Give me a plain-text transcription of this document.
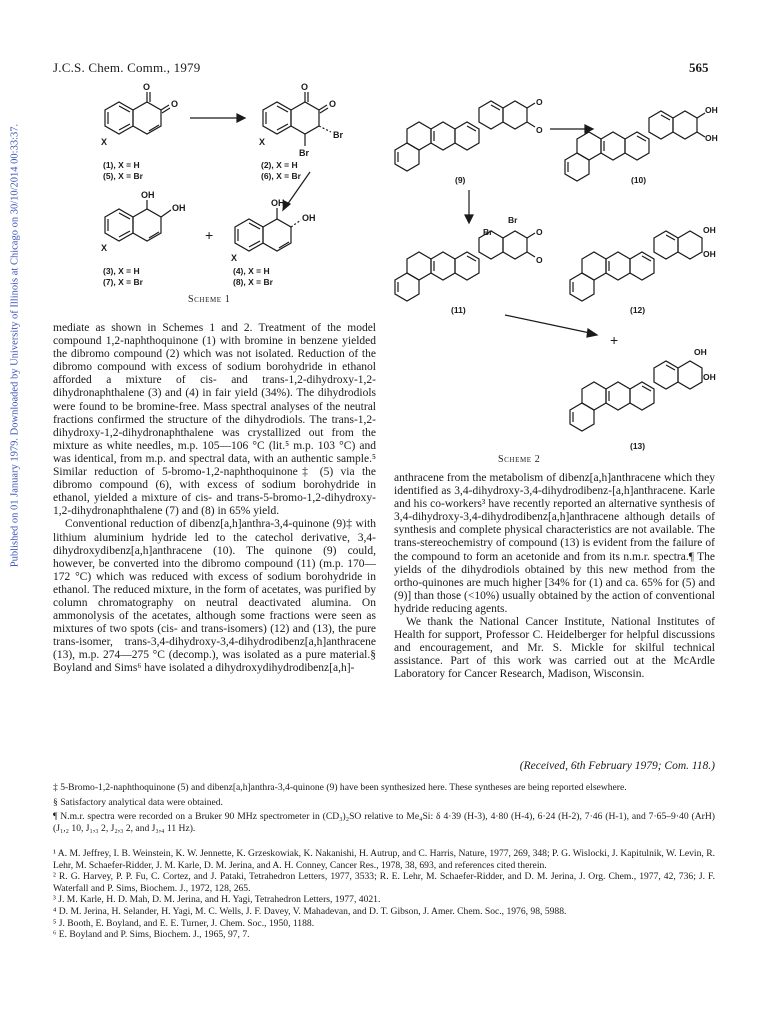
J.C.S. Chem. Comm., 1979	565
Published on 01 January 1979. Downloaded by University of Illinois at Chicago on 30/10/2014 00:33:37.
O
O
X
O
O
X
Br
Br
OH
OH
X
OH
OH
X
+
(1), X = H
(5), X = Br
(2), X = H
(6), X = Br
(3), X = H
(7), X = Br
(4), X = H
(8), X = Br
Scheme 1
O
O
OH
OH
Br
Br	O
O
OH
OH
OH
OH
+
(9)	(10)
(11)	(12)
(13)
Scheme 2

mediate as shown in Schemes 1 and 2. Treatment of the model compound 1,2-naphthoquinone (1) with bromine in benzene yielded the dibromo compound (2) which was not isolated. Reduction of the dibromo compound with excess of sodium borohydride in ethanol afforded a mixture of cis- and trans-1,2-dihydroxy-1,2-dihydronaphthalene (3) and (4) in fair yield (34%). The dihydrodiols were found to be bromine-free. Mass spectral analyses of the neutral fractions confirmed the structure of the dihydrodiols. The trans-1,2-dihydroxy-1,2-dihydronaphthalene was crystallized out from the mixture as white needles, m.p. 105—106 °C (lit.⁵ m.p. 103 °C) and was identical, from m.p. and spectral data, with an authentic sample.⁵ Similar reduction of 5-bromo-1,2-naphthoquinone‡ (5) via the dibromo compound (6), with excess of sodium borohydride in ethanol, yielded a mixture of cis- and trans-5-bromo-1,2-dihydroxy-1,2-dihydronaphthalene (7) and (8) in 65% yield.

Conventional reduction of dibenz[a,h]anthra-3,4-quinone (9)‡ with lithium aluminium hydride led to the catechol derivative, 3,4-dihydroxydibenz[a,h]anthracene (10). The quinone (9) could, however, be converted into the dibromo compound (11) (m.p. 170—172 °C) which was reduced with excess of sodium borohydride in ethanol. The reduced mixture, in the form of acetates, was purified by column chromatography on neutral deactivated alumina. On ammonolysis of the acetates, although some fractions were seen as mixtures of two spots (cis- and trans-isomers) (12) and (13), the pure trans-isomer, trans-3,4-dihydroxy-3,4-dihydrodibenz[a,h]anthracene (13), m.p. 274—275 °C (decomp.), was isolated as a pure material.§ Boyland and Sims⁶ have isolated a dihydroxydihydrodibenz[a,h]-

anthracene from the metabolism of dibenz[a,h]anthracene which they identified as 3,4-dihydroxy-3,4-dihydrodibenz-[a,h]anthracene. Karle and his co-workers³ have recently reported an alternative synthesis of 3,4-dihydroxy-3,4-dihydrodibenz[a,h]anthracene although details of synthesis and complete physical characteristics are not available. The trans-stereochemistry of compound (13) is evident from the failure of the compound to form an acetonide and from its n.m.r. spectra.¶ The yields of the dihydrodiols obtained by this new method from the ortho-quinones are much higher [34% for (1) and ca. 65% for (5) and (9)] than those (<10%) usually obtained by the action of conventional hydride reducing agents.

We thank the National Cancer Institute, National Institutes of Health for support, Professor C. Heidelberger for helpful discussions and encouragement, and Mr. S. Mickle for skilful technical assistance. Part of this work was carried out at the McArdle Laboratory for Cancer Research, Madison, Wisconsin.

(Received, 6th February 1979; Com. 118.)

‡ 5-Bromo-1,2-naphthoquinone (5) and dibenz[a,h]anthra-3,4-quinone (9) have been synthesized here. These syntheses are being reported elsewhere.

§ Satisfactory analytical data were obtained.

¶ N.m.r. spectra were recorded on a Bruker 90 MHz spectrometer in (CD₃)₂SO relative to Me₄Si: δ 4·39 (H-3), 4·80 (H-4), 6·24 (H-2), 7·46 (H-1), and 7·65–9·40 (ArH) (J₁,₂ 10, J₁,₃ 2, J₂,₃ 2, and J₃,₄ 11 Hz).

¹ A. M. Jeffrey, I. B. Weinstein, K. W. Jennette, K. Grzeskowiak, K. Nakanishi, H. Autrup, and C. Harris, Nature, 1977, 269, 348; P. G. Wislocki, J. Kapitulnik, W. Levin, R. Lehr, M. Schaefer-Ridder, J. M. Karle, D. M. Jerina, and A. H. Conney, Cancer Res., 1978, 38, 693, and references cited therein.

² R. G. Harvey, P. P. Fu, C. Cortez, and J. Pataki, Tetrahedron Letters, 1977, 3533; R. E. Lehr, M. Schaefer-Ridder, and D. M. Jerina, J. Org. Chem., 1977, 42, 736; J. F. Waterfall and P. Sims, Biochem. J., 1972, 128, 265.

³ J. M. Karle, H. D. Mah, D. M. Jerina, and H. Yagi, Tetrahedron Letters, 1977, 4021.

⁴ D. M. Jerina, H. Selander, H. Yagi, M. C. Wells, J. F. Davey, V. Mahadevan, and D. T. Gibson, J. Amer. Chem. Soc., 1976, 98, 5988.

⁵ J. Booth, E. Boyland, and E. E. Turner, J. Chem. Soc., 1950, 1188.

⁶ E. Boyland and P. Sims, Biochem. J., 1965, 97, 7.
